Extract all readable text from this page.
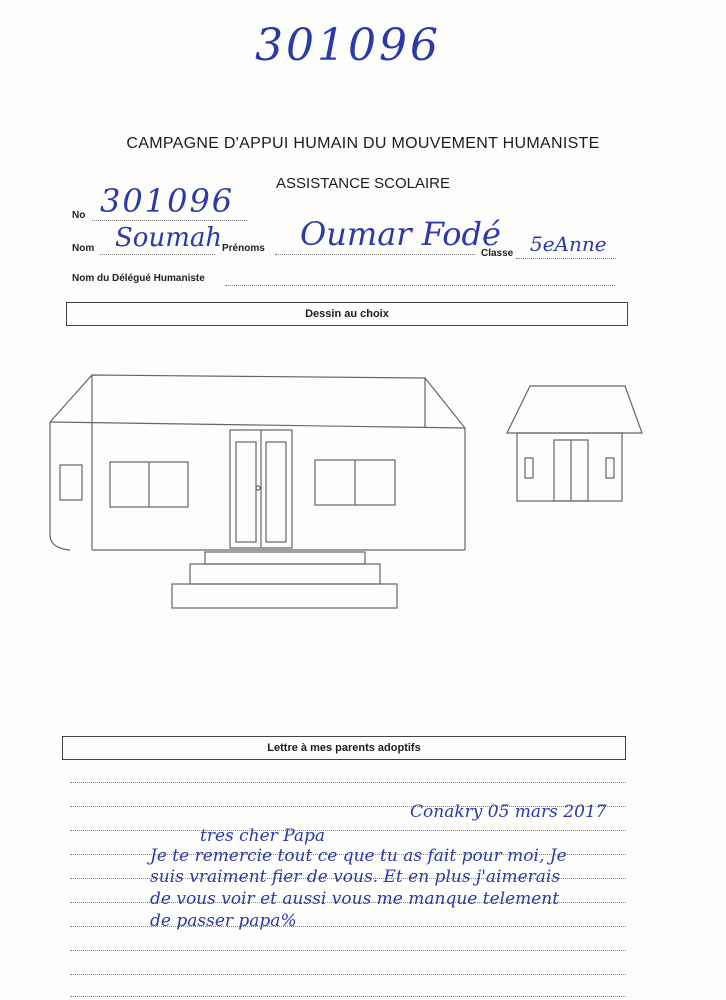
301096
CAMPAGNE D'APPUI HUMAIN DU MOUVEMENT HUMANISTE
ASSISTANCE SCOLAIRE
No 301096
Nom Soumah Prénoms Oumar Fodé
Classe 5eAnne
Nom du Délégué Humaniste
Dessin au choix
Lettre à mes parents adoptifs
Conakry 05 mars 2017
tres cher Papa
Je te remercie tout ce que tu as fait pour moi, Je
suis vraiment fier de vous. Et en plus j'aimerais
de vous voir et aussi vous me manque telement
de passer papa%
